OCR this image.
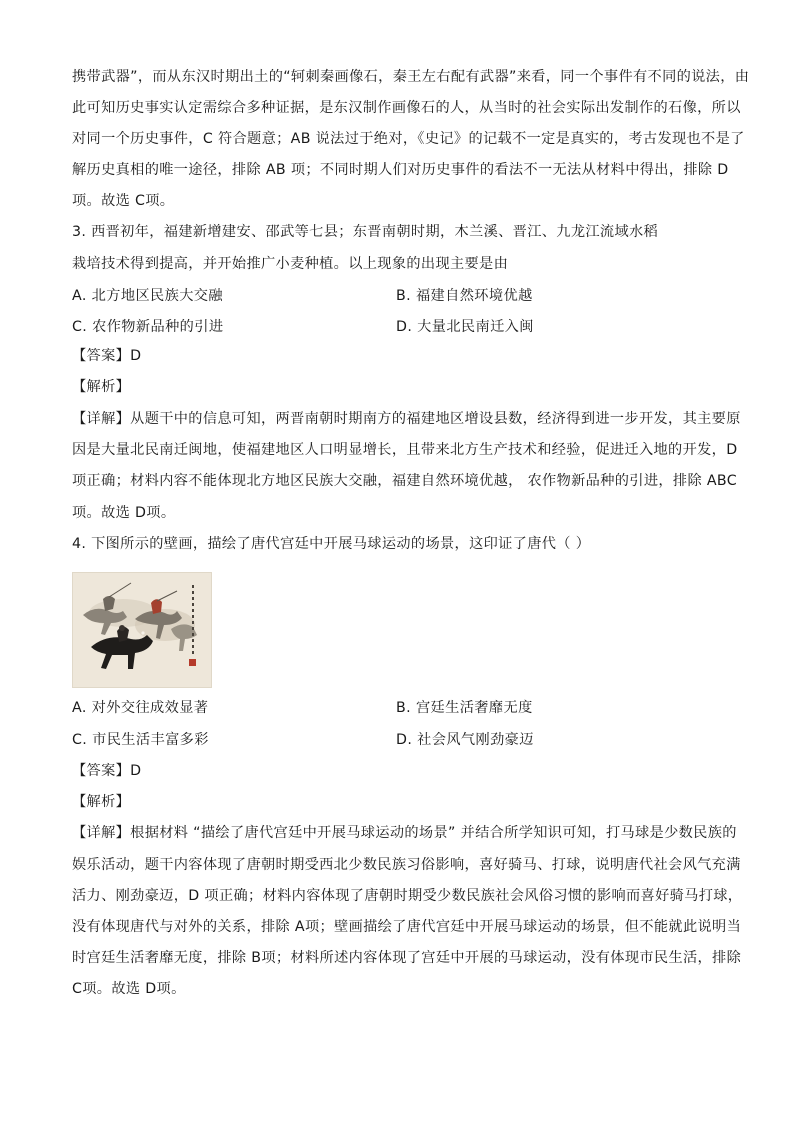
携带武器”，而从东汉时期出土的“轲刺秦画像石，秦王左右配有武器”来看，同一个事件有不同的说法，由
此可知历史事实认定需综合多种证据，是东汉制作画像石的人，从当时的社会实际出发制作的石像，所以
对同一个历史事件，C 符合题意；AB 说法过于绝对，《史记》的记载不一定是真实的，考古发现也不是了
解历史真相的唯一途径，排除 AB 项；不同时期人们对历史事件的看法不一无法从材料中得出，排除 D
项。故选 C项。
3. 西晋初年，福建新增建安、邵武等七县；东晋南朝时期，木兰溪、晋江、九龙江流域水稻
栽培技术得到提高，并开始推广小麦种植。以上现象的出现主要是由
A. 北方地区民族大交融	B. 福建自然环境优越
C. 农作物新品种的引进	D. 大量北民南迁入闽
【答案】D
【解析】
【详解】从题干中的信息可知，两晋南朝时期南方的福建地区增设县数，经济得到进一步开发，其主要原
因是大量北民南迁闽地，使福建地区人口明显增长，且带来北方生产技术和经验，促进迁入地的开发，D
项正确；材料内容不能体现北方地区民族大交融，福建自然环境优越， 农作物新品种的引进，排除 ABC
项。故选 D项。
4. 下图所示的壁画，描绘了唐代宫廷中开展马球运动的场景，这印证了唐代（ ）
A. 对外交往成效显著	B. 宫廷生活奢靡无度
C. 市民生活丰富多彩	D. 社会风气刚劲豪迈
【答案】D
【解析】
【详解】根据材料 “描绘了唐代宫廷中开展马球运动的场景” 并结合所学知识可知，打马球是少数民族的
娱乐活动，题干内容体现了唐朝时期受西北少数民族习俗影响，喜好骑马、打球，说明唐代社会风气充满
活力、刚劲豪迈，D 项正确；材料内容体现了唐朝时期受少数民族社会风俗习惯的影响而喜好骑马打球，
没有体现唐代与对外的关系，排除 A项；壁画描绘了唐代宫廷中开展马球运动的场景，但不能就此说明当
时宫廷生活奢靡无度，排除 B项；材料所述内容体现了宫廷中开展的马球运动，没有体现市民生活，排除
C项。故选 D项。
